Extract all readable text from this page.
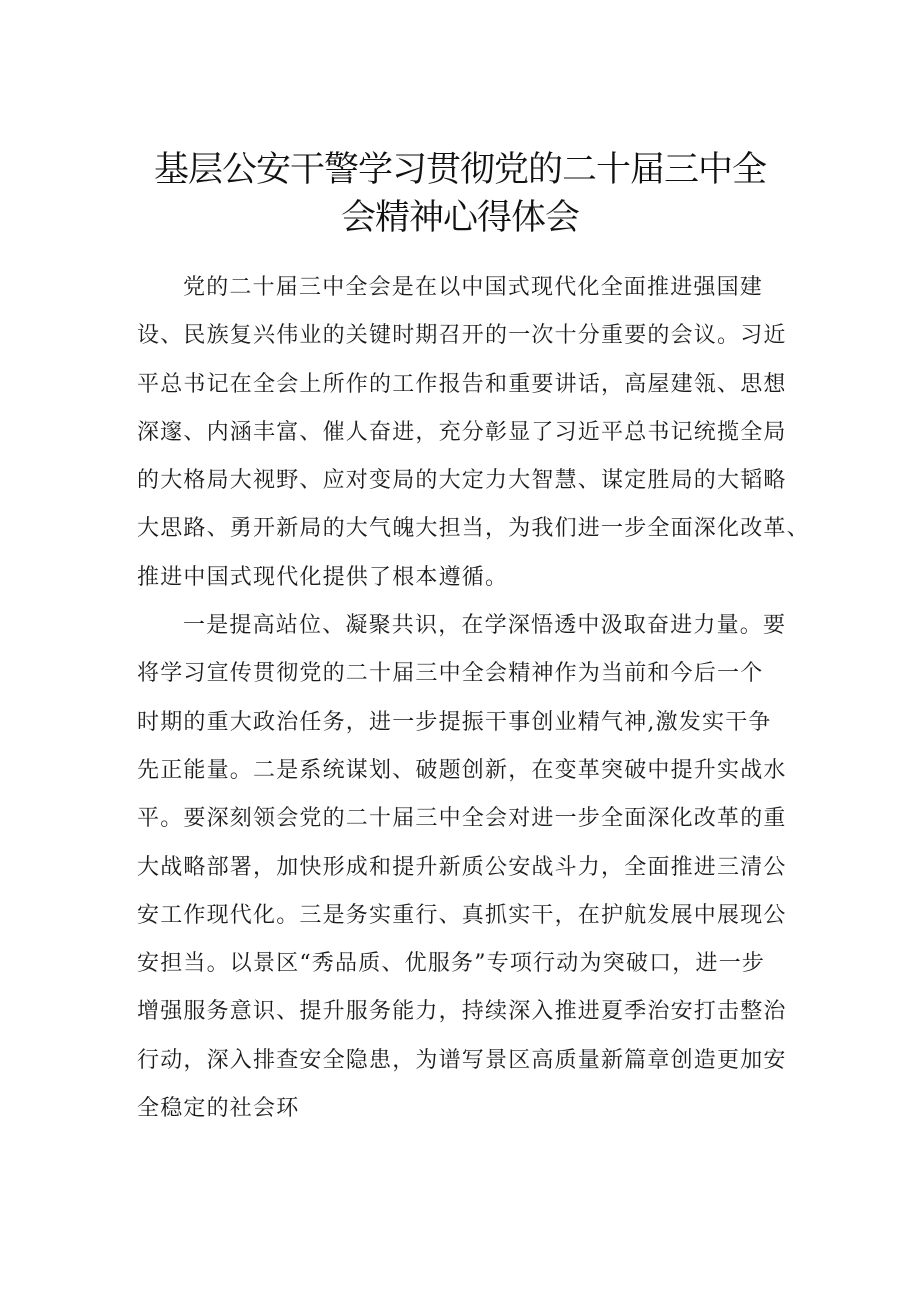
基层公安干警学习贯彻党的二十届三中全
会精神心得体会

党的二十届三中全会是在以中国式现代化全面推进强国建
设、民族复兴伟业的关键时期召开的一次十分重要的会议。习近
平总书记在全会上所作的工作报告和重要讲话，高屋建瓴、思想
深邃、内涵丰富、催人奋进，充分彰显了习近平总书记统揽全局
的大格局大视野、应对变局的大定力大智慧、谋定胜局的大韬略
大思路、勇开新局的大气魄大担当，为我们进一步全面深化改革、
推进中国式现代化提供了根本遵循。

一是提高站位、凝聚共识，在学深悟透中汲取奋进力量。要
将学习宣传贯彻党的二十届三中全会精神作为当前和今后一个
时期的重大政治任务，进一步提振干事创业精气神,激发实干争
先正能量。二是系统谋划、破题创新，在变革突破中提升实战水
平。要深刻领会党的二十届三中全会对进一步全面深化改革的重
大战略部署，加快形成和提升新质公安战斗力，全面推进三清公
安工作现代化。三是务实重行、真抓实干，在护航发展中展现公
安担当。以景区“秀品质、优服务”专项行动为突破口，进一步
增强服务意识、提升服务能力，持续深入推进夏季治安打击整治
行动，深入排查安全隐患，为谱写景区高质量新篇章创造更加安
全稳定的社会环
